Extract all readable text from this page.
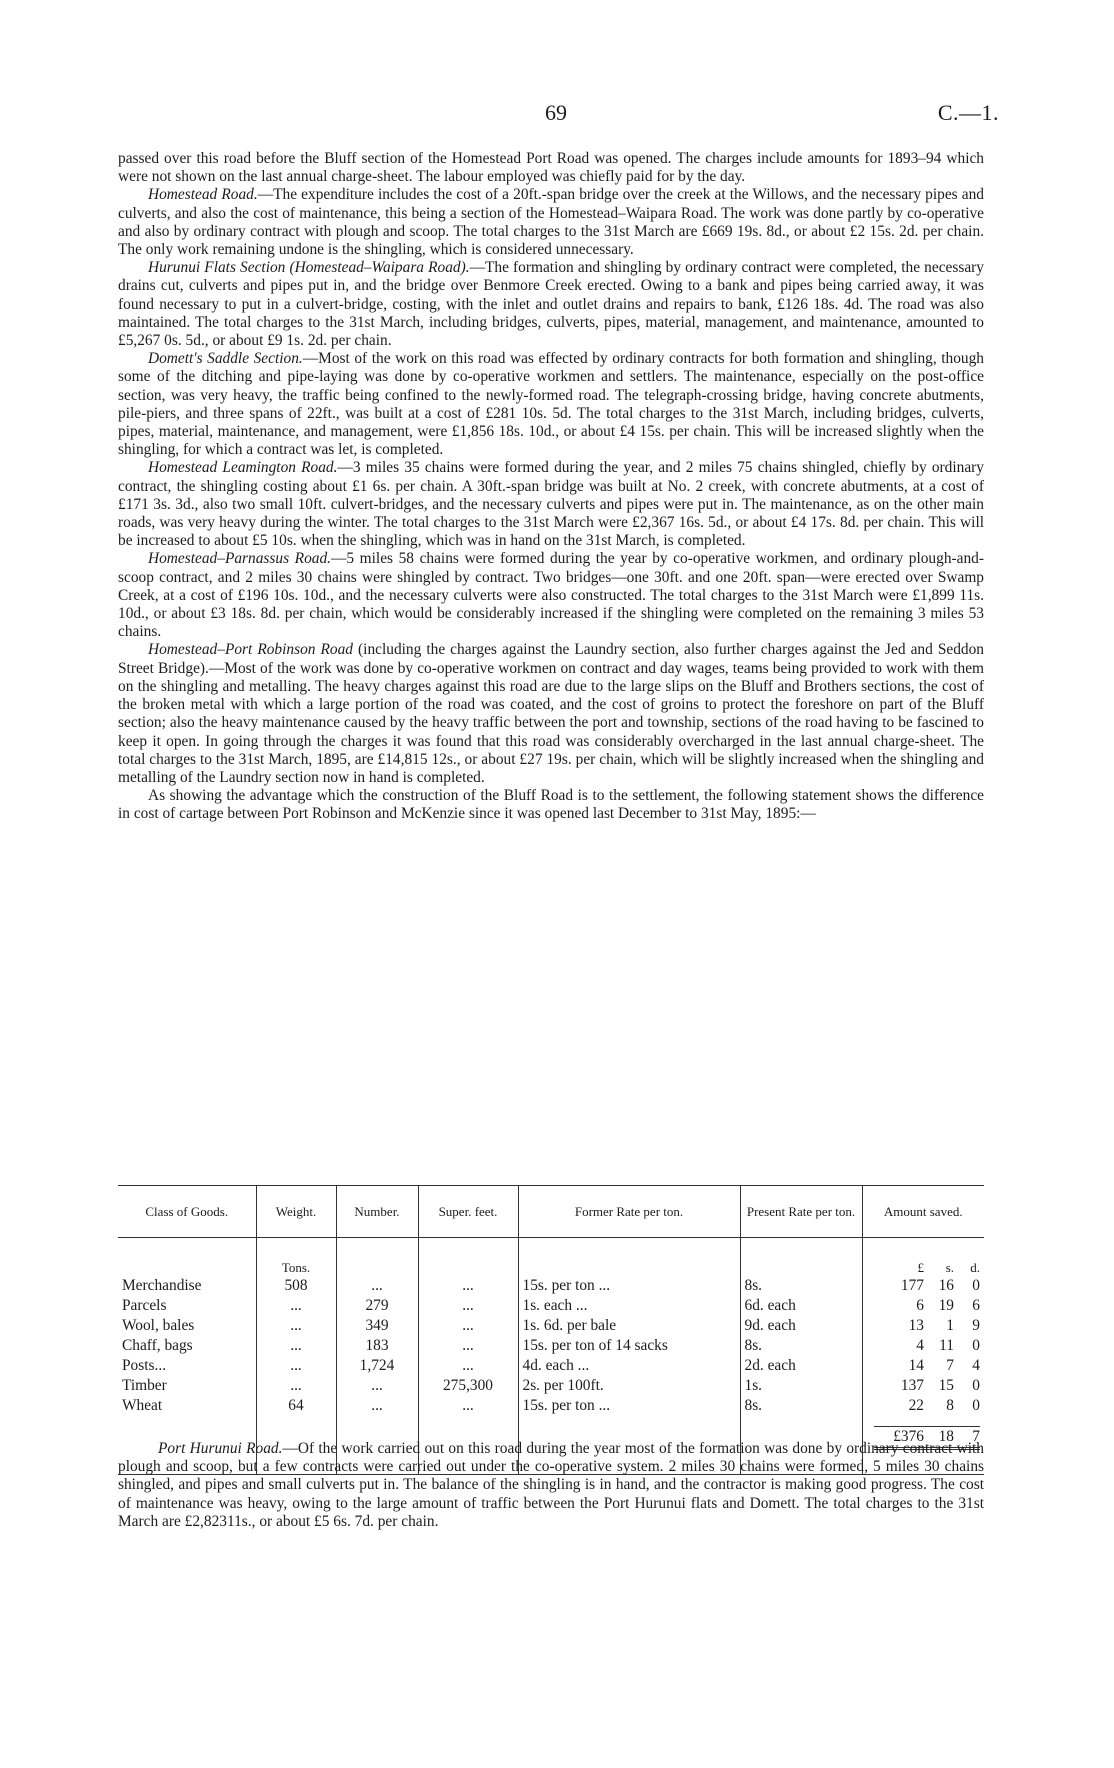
69	C.—1.

passed over this road before the Bluff section of the Homestead Port Road was opened. The charges include amounts for 1893–94 which were not shown on the last annual charge-sheet. The labour employed was chiefly paid for by the day.

Homestead Road.—The expenditure includes the cost of a 20ft.-span bridge over the creek at the Willows, and the necessary pipes and culverts, and also the cost of maintenance, this being a section of the Homestead–Waipara Road. The work was done partly by co-operative and also by ordinary contract with plough and scoop. The total charges to the 31st March are £669 19s. 8d., or about £2 15s. 2d. per chain. The only work remaining undone is the shingling, which is considered unnecessary.

Hurunui Flats Section (Homestead–Waipara Road).—The formation and shingling by ordinary contract were completed, the necessary drains cut, culverts and pipes put in, and the bridge over Benmore Creek erected. Owing to a bank and pipes being carried away, it was found necessary to put in a culvert-bridge, costing, with the inlet and outlet drains and repairs to bank, £126 18s. 4d. The road was also maintained. The total charges to the 31st March, including bridges, culverts, pipes, material, management, and maintenance, amounted to £5,267 0s. 5d., or about £9 1s. 2d. per chain.

Domett's Saddle Section.—Most of the work on this road was effected by ordinary contracts for both formation and shingling, though some of the ditching and pipe-laying was done by co-operative workmen and settlers. The maintenance, especially on the post-office section, was very heavy, the traffic being confined to the newly-formed road. The telegraph-crossing bridge, having concrete abutments, pile-piers, and three spans of 22ft., was built at a cost of £281 10s. 5d. The total charges to the 31st March, including bridges, culverts, pipes, material, maintenance, and management, were £1,856 18s. 10d., or about £4 15s. per chain. This will be increased slightly when the shingling, for which a contract was let, is completed.

Homestead Leamington Road.—3 miles 35 chains were formed during the year, and 2 miles 75 chains shingled, chiefly by ordinary contract, the shingling costing about £1 6s. per chain. A 30ft.-span bridge was built at No. 2 creek, with concrete abutments, at a cost of £171 3s. 3d., also two small 10ft. culvert-bridges, and the necessary culverts and pipes were put in. The maintenance, as on the other main roads, was very heavy during the winter. The total charges to the 31st March were £2,367 16s. 5d., or about £4 17s. 8d. per chain. This will be increased to about £5 10s. when the shingling, which was in hand on the 31st March, is completed.

Homestead–Parnassus Road.—5 miles 58 chains were formed during the year by co-operative workmen, and ordinary plough-and-scoop contract, and 2 miles 30 chains were shingled by contract. Two bridges—one 30ft. and one 20ft. span—were erected over Swamp Creek, at a cost of £196 10s. 10d., and the necessary culverts were also constructed. The total charges to the 31st March were £1,899 11s. 10d., or about £3 18s. 8d. per chain, which would be considerably increased if the shingling were completed on the remaining 3 miles 53 chains.

Homestead–Port Robinson Road (including the charges against the Laundry section, also further charges against the Jed and Seddon Street Bridge).—Most of the work was done by co-operative workmen on contract and day wages, teams being provided to work with them on the shingling and metalling. The heavy charges against this road are due to the large slips on the Bluff and Brothers sections, the cost of the broken metal with which a large portion of the road was coated, and the cost of groins to protect the foreshore on part of the Bluff section; also the heavy maintenance caused by the heavy traffic between the port and township, sections of the road having to be fascined to keep it open. In going through the charges it was found that this road was considerably overcharged in the last annual charge-sheet. The total charges to the 31st March, 1895, are £14,815 12s., or about £27 19s. per chain, which will be slightly increased when the shingling and metalling of the Laundry section now in hand is completed.

As showing the advantage which the construction of the Bluff Road is to the settlement, the following statement shows the difference in cost of cartage between Port Robinson and McKenzie since it was opened last December to 31st May, 1895:—

Class of Goods.	Weight.	Number.	Super. feet.	Former Rate per ton.	Present Rate per ton.	Amount saved.
	Tons.					£ s. d.

Merchandise	508	...	...	15s. per ton ...	8s.	177 16 0

Parcels	...	279	...	1s. each ...	6d. each	6 19 6

Wool, bales	...	349	...	1s. 6d. per bale	9d. each	13 1 9

Chaff, bags	...	183	...	15s. per ton of 14 sacks	8s.	4 11 0

Posts...	...	1,724	...	4d. each ...	2d. each	14 7 4

Timber	...	...	275,300	2s. per 100ft.	1s.	137 15 0

Wheat	64	...	...	15s. per ton ...	8s.	22 8 0

						£376 18 7

Port Hurunui Road.—Of the work carried out on this road during the year most of the formation was done by ordinary contract with plough and scoop, but a few contracts were carried out under the co-operative system. 2 miles 30 chains were formed, 5 miles 30 chains shingled, and pipes and small culverts put in. The balance of the shingling is in hand, and the contractor is making good progress. The cost of maintenance was heavy, owing to the large amount of traffic between the Port Hurunui flats and Domett. The total charges to the 31st March are £2,82311s., or about £5 6s. 7d. per chain.
